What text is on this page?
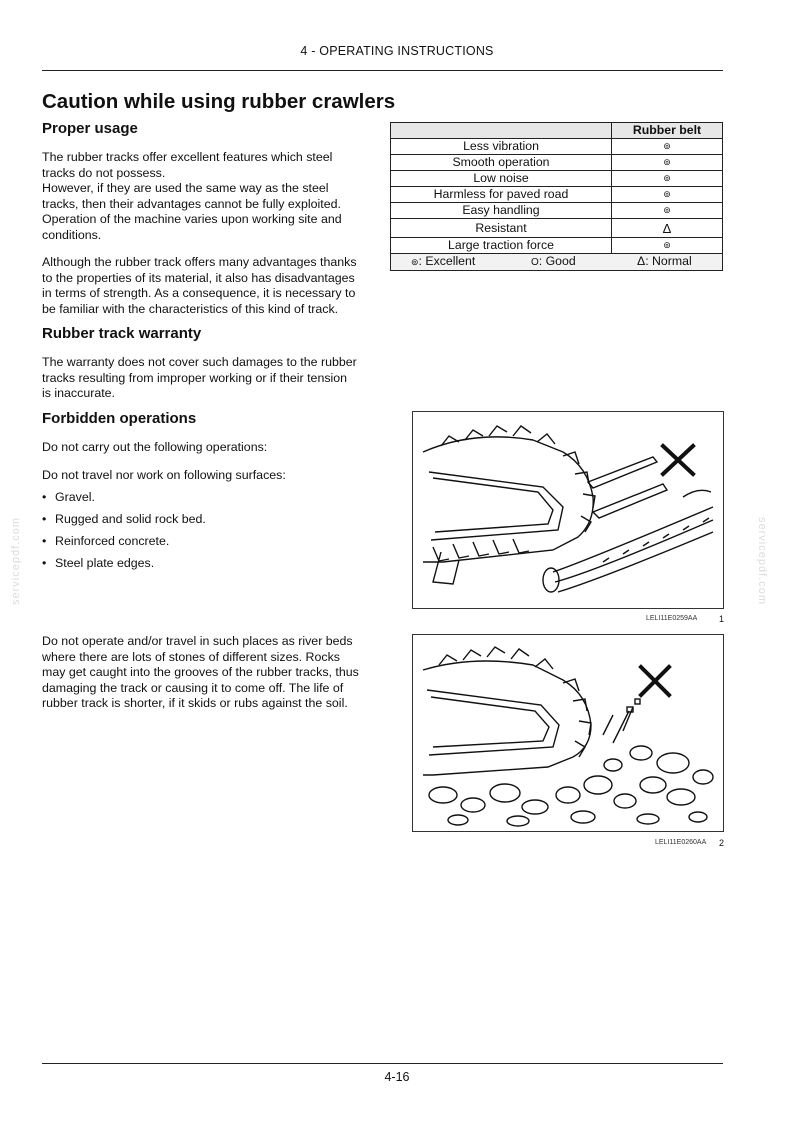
4 - OPERATING INSTRUCTIONS
Caution while using rubber crawlers
Proper usage
The rubber tracks offer excellent features which steel
tracks do not possess.
However, if they are used the same way as the steel
tracks, then their advantages cannot be fully exploited.
Operation of the machine varies upon working site and
conditions.
Although the rubber track offers many advantages thanks
to the properties of its material, it also has disadvantages
in terms of strength. As a consequence, it is necessary to
be familiar with the characteristics of this kind of track.
Rubber track warranty
The warranty does not cover such damages to the rubber
tracks resulting from improper working or if their tension
is inaccurate.
Forbidden operations
Do not carry out the following operations:
Do not travel nor work on following surfaces:
• Gravel.
• Rugged and solid rock bed.
• Reinforced concrete.
• Steel plate edges.
Do not operate and/or travel in such places as river beds
where there are lots of stones of different sizes. Rocks
may get caught into the grooves of the rubber tracks, thus
damaging the track or causing it to come off. The life of
rubber track is shorter, if it skids or rubs against the soil.
	Rubber belt
Less vibration	⊚
Smooth operation	⊚
Low noise	⊚
Harmless for paved road	⊚
Easy handling	⊚
Resistant	Δ
Large traction force	⊚

⊚: Excellent O: Good Δ: Normal	
LELI11E0259AA 1
LELI11E0260AA 2
servicepdf.com	servicepdf.com
4-16
